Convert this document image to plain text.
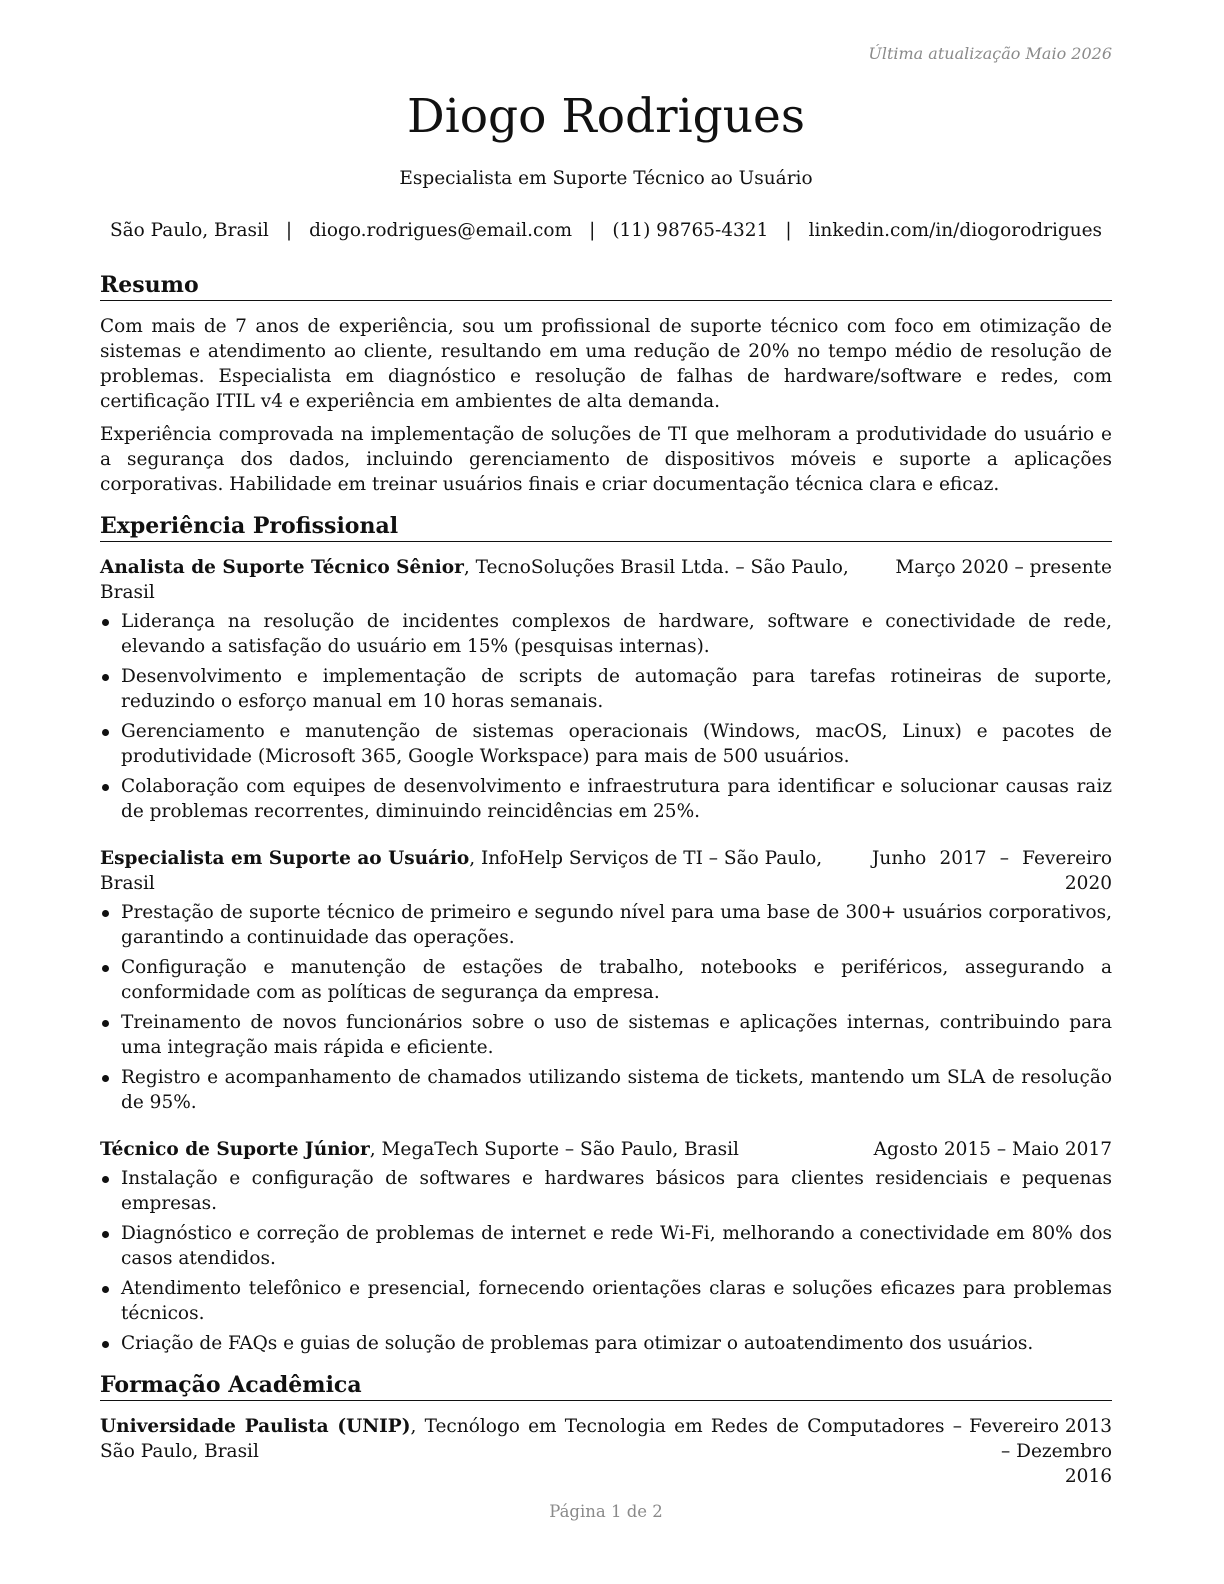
Última atualização Maio 2026
Diogo Rodrigues
Especialista em Suporte Técnico ao Usuário
São Paulo, Brasil | diogo.rodrigues@email.com | (11) 98765-4321 | linkedin.com/in/diogorodrigues
Resumo

Com mais de 7 anos de experiência, sou um profissional de suporte técnico com foco em otimização de sistemas e atendimento ao cliente, resultando em uma redução de 20% no tempo médio de resolução de problemas. Especialista em diagnóstico e resolução de falhas de hardware/software e redes, com certificação ITIL v4 e experiência em ambientes de alta demanda.

Experiência comprovada na implementação de soluções de TI que melhoram a produtividade do usuário e a segurança dos dados, incluindo gerenciamento de dispositivos móveis e suporte a aplicações corporativas. Habilidade em treinar usuários finais e criar documentação técnica clara e eficaz.

Experiência Profissional
Analista de Suporte Técnico Sênior, TecnoSoluções Brasil Ltda. – São Paulo, Brasil
Março 2020 – presente
Liderança na resolução de incidentes complexos de hardware, software e conectividade de rede, elevando a satisfação do usuário em 15% (pesquisas internas).
Desenvolvimento e implementação de scripts de automação para tarefas rotineiras de suporte, reduzindo o esforço manual em 10 horas semanais.
Gerenciamento e manutenção de sistemas operacionais (Windows, macOS, Linux) e pacotes de produtividade (Microsoft 365, Google Workspace) para mais de 500 usuários.
Colaboração com equipes de desenvolvimento e infraestrutura para identificar e solucionar causas raiz de problemas recorrentes, diminuindo reincidências em 25%.
Especialista em Suporte ao Usuário, InfoHelp Serviços de TI – São Paulo, Brasil
Junho 2017 – Fevereiro 2020
Prestação de suporte técnico de primeiro e segundo nível para uma base de 300+ usuários corporativos, garantindo a continuidade das operações.
Configuração e manutenção de estações de trabalho, notebooks e periféricos, assegurando a conformidade com as políticas de segurança da empresa.
Treinamento de novos funcionários sobre o uso de sistemas e aplicações internas, contribuindo para uma integração mais rápida e eficiente.
Registro e acompanhamento de chamados utilizando sistema de tickets, mantendo um SLA de resolução de 95%.
Técnico de Suporte Júnior, MegaTech Suporte – São Paulo, Brasil	Agosto 2015 – Maio 2017
Instalação e configuração de softwares e hardwares básicos para clientes residenciais e pequenas empresas.
Diagnóstico e correção de problemas de internet e rede Wi-Fi, melhorando a conectividade em 80% dos casos atendidos.
Atendimento telefônico e presencial, fornecendo orientações claras e soluções eficazes para problemas técnicos.
Criação de FAQs e guias de solução de problemas para otimizar o autoatendimento dos usuários.
Formação Acadêmica
Universidade Paulista (UNIP), Tecnólogo em Tecnologia em Redes de Computadores – São Paulo, Brasil
Fevereiro 2013 – Dezembro 2016
Página 1 de 2
